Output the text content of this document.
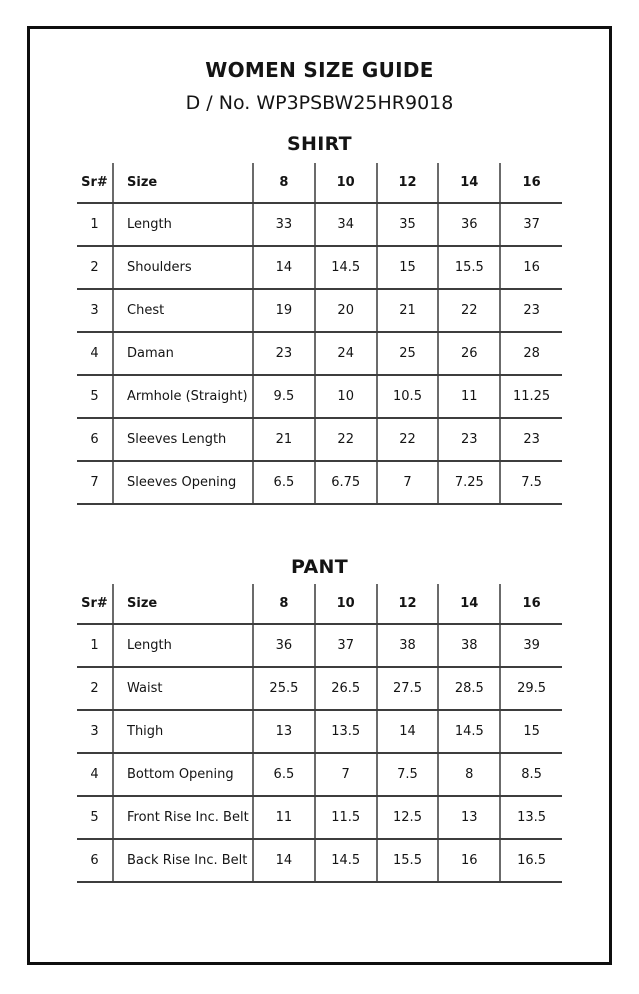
WOMEN SIZE GUIDE
D / No. WP3PSBW25HR9018
SHIRT
Sr#	Size	8	10	12	14	16
1	Length	33	34	35	36	37
2	Shoulders	14	14.5	15	15.5	16
3	Chest	19	20	21	22	23
4	Daman	23	24	25	26	28
5	Armhole (Straight)	9.5	10	10.5	11	11.25
6	Sleeves Length	21	22	22	23	23
7	Sleeves Opening	6.5	6.75	7	7.25	7.5
PANT
Sr#	Size	8	10	12	14	16
1	Length	36	37	38	38	39
2	Waist	25.5	26.5	27.5	28.5	29.5
3	Thigh	13	13.5	14	14.5	15
4	Bottom Opening	6.5	7	7.5	8	8.5
5	Front Rise Inc. Belt	11	11.5	12.5	13	13.5
6	Back Rise Inc. Belt	14	14.5	15.5	16	16.5
